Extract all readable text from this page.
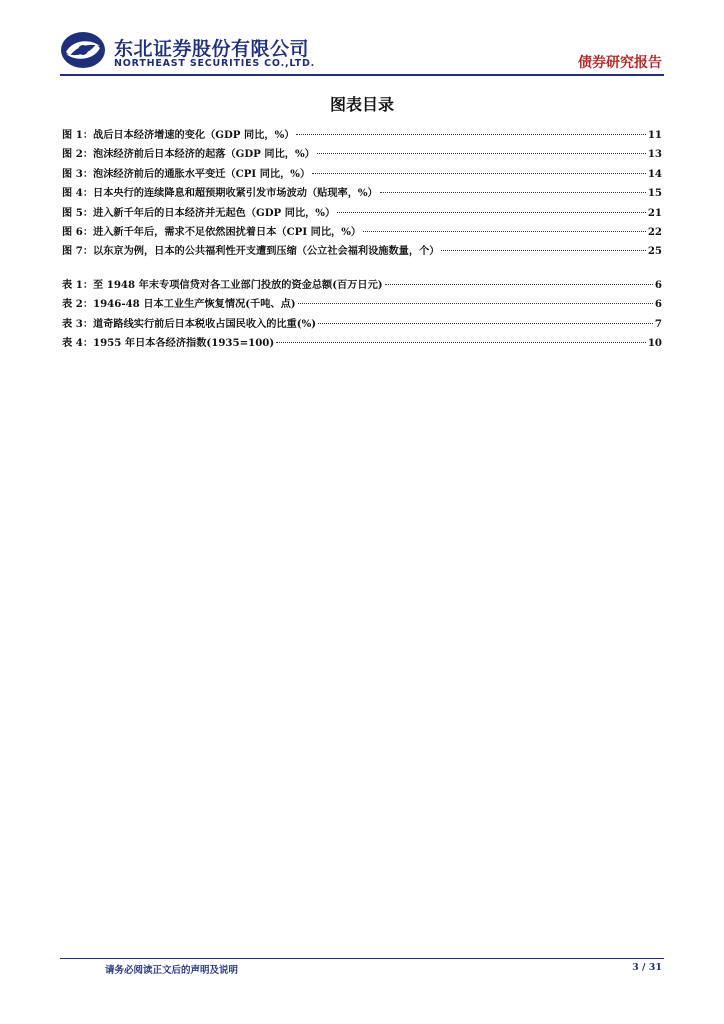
东北证券股份有限公司
NORTHEAST SECURITIES CO.,LTD.	债券研究报告
图表目录
图 1：战后日本经济增速的变化（GDP 同比，%）	11
图 2：泡沫经济前后日本经济的起落（GDP 同比，%）	13
图 3：泡沫经济前后的通胀水平变迁（CPI 同比，%）	14
图 4：日本央行的连续降息和超预期收紧引发市场波动（贴现率，%）	15
图 5：进入新千年后的日本经济并无起色（GDP 同比，%）	21
图 6：进入新千年后，需求不足依然困扰着日本（CPI 同比，%）	22
图 7：以东京为例，日本的公共福利性开支遭到压缩（公立社会福利设施数量，个）	25
表 1：至 1948 年末专项信贷对各工业部门投放的资金总额(百万日元)	6
表 2：1946-48 日本工业生产恢复情况(千吨、点)	6
表 3：道奇路线实行前后日本税收占国民收入的比重(%)	7
表 4：1955 年日本各经济指数(1935=100)	10
请务必阅读正文后的声明及说明	3 / 31
